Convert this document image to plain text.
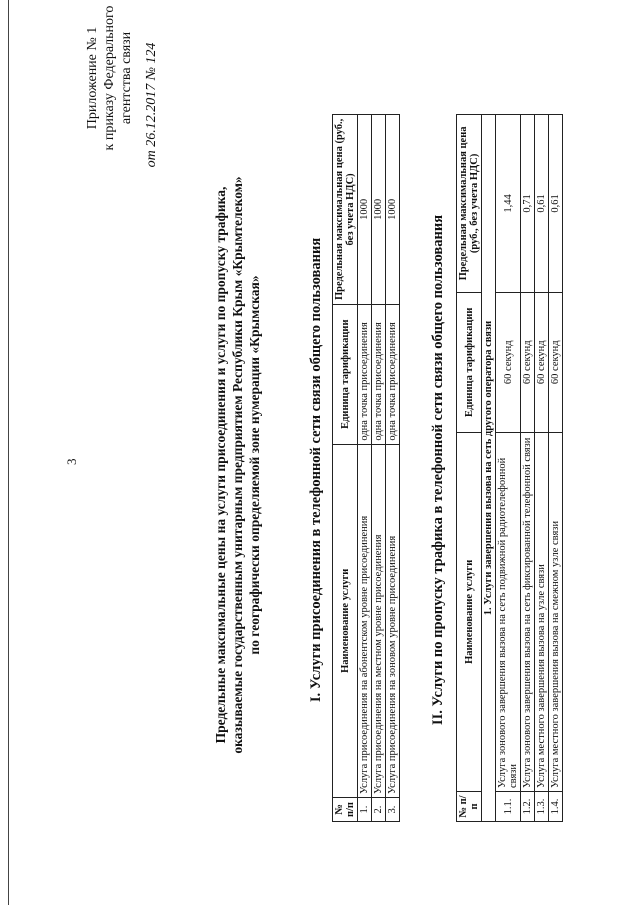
3
Приложение № 1 к приказу Федерального агентства связи от 26.12.2017 № 124
Предельные максимальные цены на услуги присоединения и услуги по пропуску трафика, оказываемые государственным унитарным предприятием Республики Крым «Крымтелеком» по географически определяемой зоне нумерации «Крымская»	I. Услуги присоединения в телефонной сети связи общего пользования
№ п/п	Наименование услуги	Единица тарификации	Предельная максимальная цена (руб., без учета НДС)
1.	Услуга присоединения на абонентском уровне присоединения	одна точка присоединения	1000
2.	Услуга присоединения на местном уровне присоединения	одна точка присоединения	1000
3.	Услуга присоединения на зоновом уровне присоединения	одна точка присоединения	1000
II. Услуги по пропуску трафика в телефонной сети связи общего пользования
№ п/п	Наименование услуги	Единица тарификации	Предельная максимальная цена (руб., без учета НДС)
1. Услуги завершения вызова на сеть другого оператора связи			
1.1.	Услуга зонового завершения вызова на сеть подвижной радиотелефонной связи	60 секунд	1,44
1.2.	Услуга зонового завершения вызова на сеть фиксированной телефонной связи	60 секунд	0,71
1.3.	Услуга местного завершения вызова на узле связи	60 секунд	0,61
1.4.	Услуга местного завершения вызова на смежном узле связи	60 секунд	0,61
